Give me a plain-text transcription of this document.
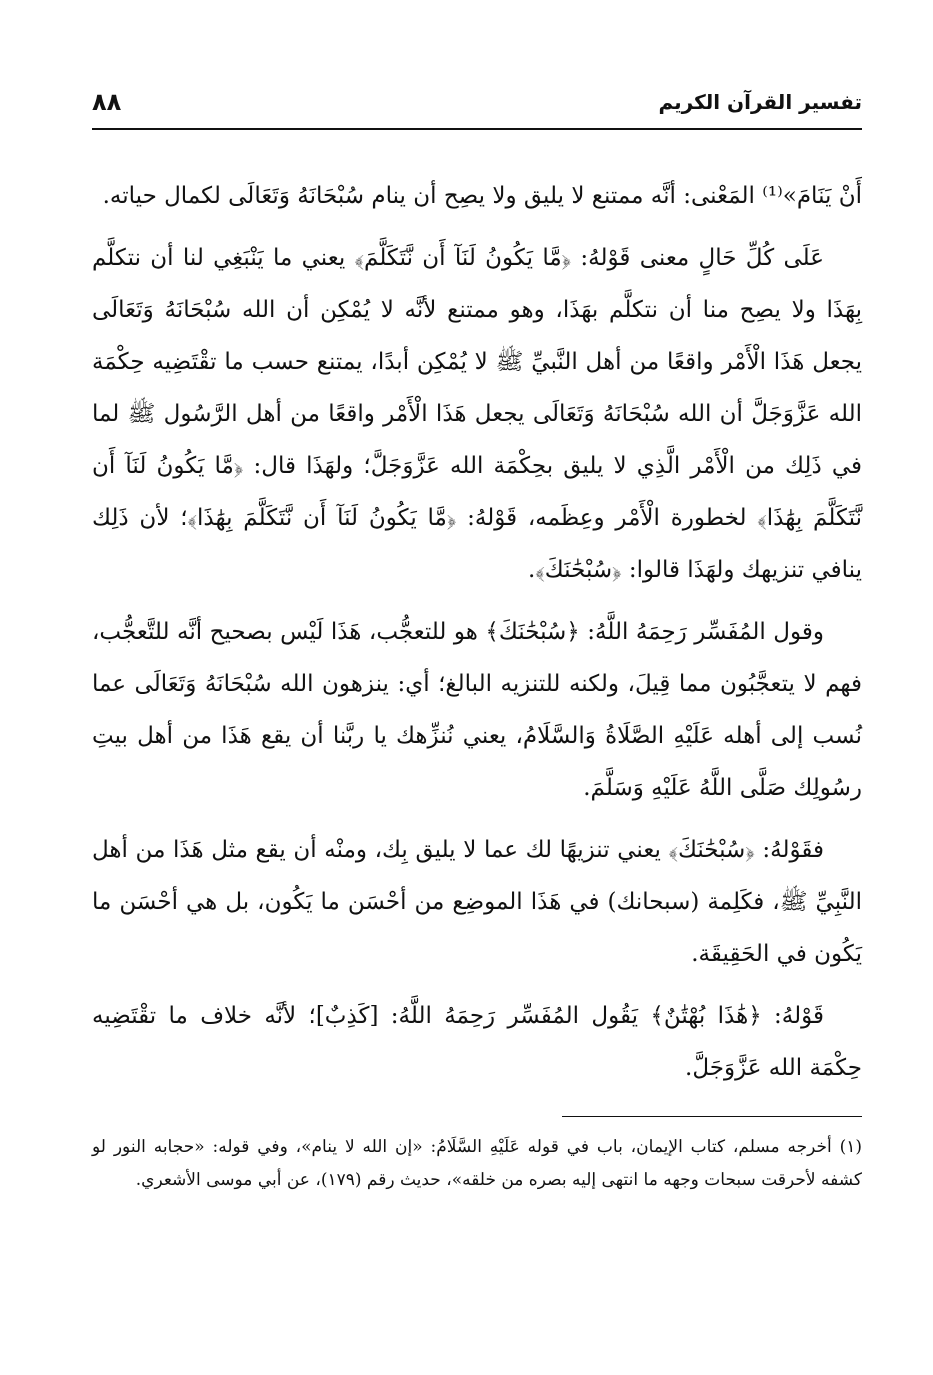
تفسير القرآن الكريم
٨٨

أَنْ يَنَامَ»⁽¹⁾ المَعْنى: أنَّه ممتنع لا يليق ولا يصِح أن ينام سُبْحَانَهُ وَتَعَالَى لكمال حياته.

عَلَى كُلِّ حَالٍ معنى قَوْلهُ: ﴿مَّا يَكُونُ لَنَآ أَن نَّتَكَلَّمَ﴾ يعني ما يَنْبَغِي لنا أن نتكلَّم بِهَذَا ولا يصِح منا أن نتكلَّم بهَذَا، وهو ممتنع لأنَّه لا يُمْكِن أن الله سُبْحَانَهُ وَتَعَالَى يجعل هَذَا الْأَمْر واقعًا من أهل النَّبيِّ ﷺ لا يُمْكِن أبدًا، يمتنع حسب ما تقْتَضِيه حِكْمَة الله عَزَّوَجَلَّ أن الله سُبْحَانَهُ وَتَعَالَى يجعل هَذَا الْأَمْر واقعًا من أهل الرَّسُول ﷺ لما في ذَلِك من الْأَمْر الَّذِي لا يليق بحِكْمَة الله عَزَّوَجَلَّ؛ ولهَذَا قال: ﴿مَّا يَكُونُ لَنَآ أَن نَّتَكَلَّمَ بِهَٰذَا﴾ لخطورة الْأَمْر وعِظَمه، قَوْلهُ: ﴿مَّا يَكُونُ لَنَآ أَن نَّتَكَلَّمَ بِهَٰذَا﴾؛ لأن ذَلِك ينافي تنزيهك ولهَذَا قالوا: ﴿سُبْحَٰنَكَ﴾.

وقول المُفَسِّر رَحِمَهُ اللَّهُ: ﴿سُبْحَٰنَكَ﴾ هو للتعجُّب، هَذَا لَيْس بصحيح أنَّه للتَّعجُّب، فهم لا يتعجَّبُون مما قِيلَ، ولكنه للتنزيه البالغ؛ أي: ينزهون الله سُبْحَانَهُ وَتَعَالَى عما نُسب إلى أهله عَلَيْهِ الصَّلَاةُ وَالسَّلَامُ، يعني نُنزِّهك يا ربَّنا أن يقع هَذَا من أهل بيتِ رسُولِك صَلَّى اللَّهُ عَلَيْهِ وَسَلَّمَ.

فقَوْلهُ: ﴿سُبْحَٰنَكَ﴾ يعني تنزيهًا لك عما لا يليق بِك، ومنْه أن يقع مثل هَذَا من أهل النَّبِيِّ ﷺ، فكَلِمة (سبحانك) في هَذَا الموضِع من أحْسَن ما يَكُون، بل هي أحْسَن ما يَكُون في الحَقِيقَة.

قَوْلهُ: ﴿هَٰذَا بُهْتَٰنٌ﴾ يَقُول المُفَسِّر رَحِمَهُ اللَّهُ: [كَذِبٌ]؛ لأنَّه خلاف ما تقْتَضِيه حِكْمَة الله عَزَّوَجَلَّ.

(١) أخرجه مسلم، كتاب الإيمان، باب في قوله عَلَيْهِ السَّلَامُ: «إن الله لا ينام»، وفي قوله: «حجابه النور لو كشفه لأحرقت سبحات وجهه ما انتهى إليه بصره من خلقه»، حديث رقم (١٧٩)، عن أبي موسى الأشعري.
